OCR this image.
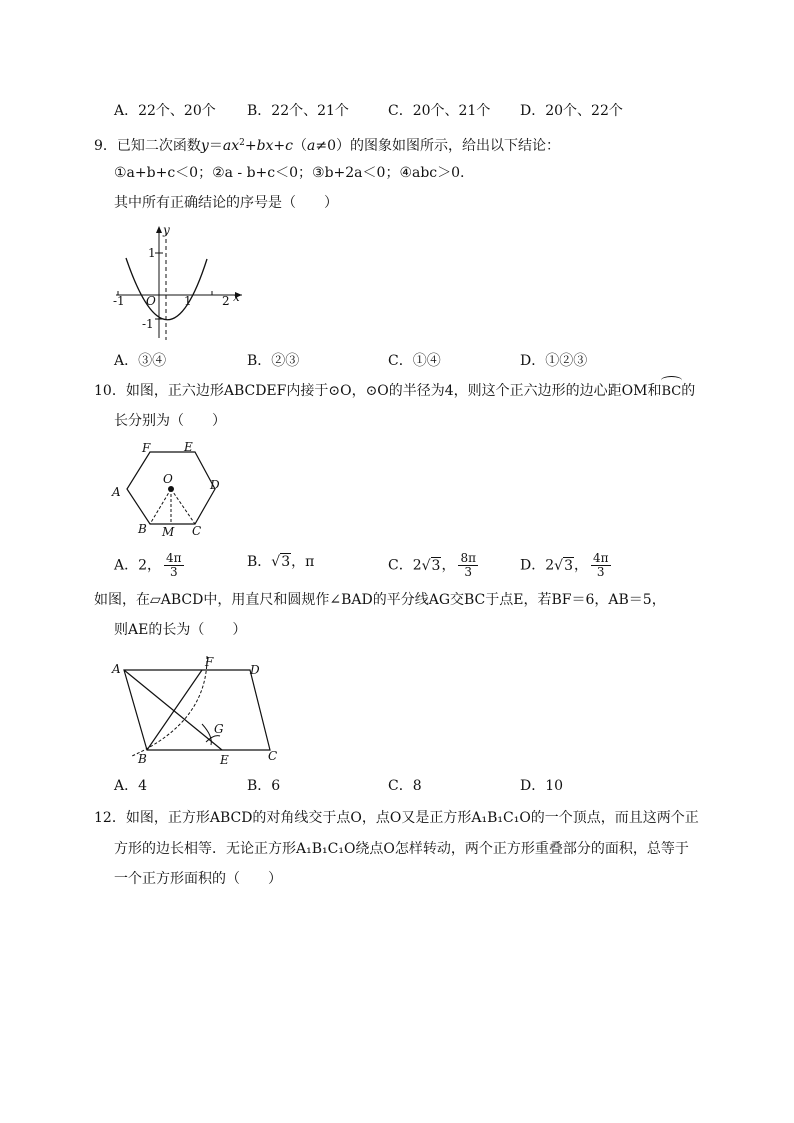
A．22个、20个 B．22个、21个	C．20个、21个 D．20个、22个
9．已知二次函数$y=ax^2+bx+c(a\ne 0)$的图象如图所示，给出以下结论：
①a+b+c＜0；②a - b+c＜0；③b+2a＜0；④abc＞0.
其中所有正确结论的序号是（　　）
y
x
1
-1
-1 O 1	2
A．③④	B．②③	C．①④	D．①②③
10．如图，正六边形ABCDEF内接于⊙O，⊙O的半径为4，则这个正六边形的边心距OM和
BC的
长分别为（　　）
A
B	C
D
E
F
O
M
A．2， $\frac{4\pi}{3}$	B．√3，π	C．2√3， $\frac{8\pi}{3}$	D．2√3， $\frac{4\pi}{3}$
如图，在▱ABCD中，用直尺和圆规作∠BAD的平分线AG交BC于点E，若BF＝6，AB＝5，
则AE的长为（　　）
A	F
D
G
B	E	C
A．4	B．6	C．8	D．10
12．如图，正方形ABCD的对角线交于点O，点O又是正方形A₁B₁C₁O的一个顶点，而且这两个正
方形的边长相等．无论正方形A₁B₁C₁O绕点O怎样转动，两个正方形重叠部分的面积，总等于
一个正方形面积的（　　）
